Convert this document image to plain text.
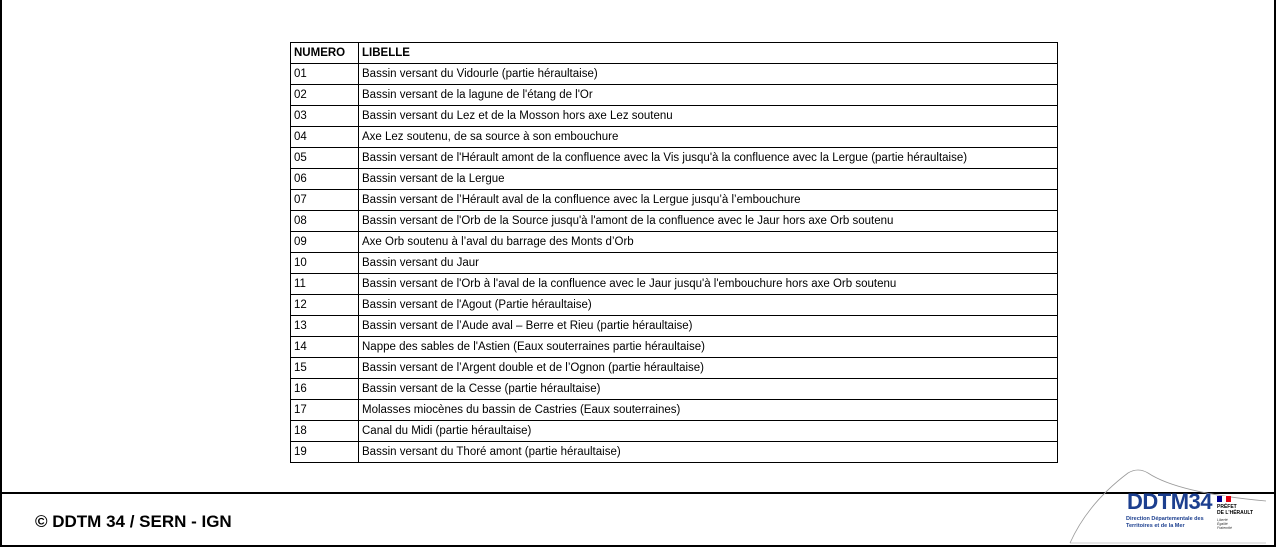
NUMERO	LIBELLE
01	Bassin versant du Vidourle (partie héraultaise)
02	Bassin versant de la lagune de l'étang de l'Or
03	Bassin versant du Lez et de la Mosson hors axe Lez soutenu
04	Axe Lez soutenu, de sa source à son embouchure
05	Bassin versant de l'Hérault amont de la confluence avec la Vis jusqu'à la confluence avec la Lergue (partie héraultaise)
06	Bassin versant de la Lergue
07	Bassin versant de l’Hérault aval de la confluence avec la Lergue jusqu’à l’embouchure
08	Bassin versant de l'Orb de la Source jusqu'à l'amont de la confluence avec le Jaur hors axe Orb soutenu
09	Axe Orb soutenu à l’aval du barrage des Monts d’Orb
10	Bassin versant du Jaur
11	Bassin versant de l'Orb à l'aval de la confluence avec le Jaur jusqu'à l'embouchure hors axe Orb soutenu
12	Bassin versant de l'Agout (Partie héraultaise)
13	Bassin versant de l’Aude aval – Berre et Rieu (partie héraultaise)
14	Nappe des sables de l'Astien (Eaux souterraines partie héraultaise)
15	Bassin versant de l’Argent double et de l’Ognon (partie héraultaise)
16	Bassin versant de la Cesse (partie héraultaise)
17	Molasses miocènes du bassin de Castries (Eaux souterraines)
18	Canal du Midi (partie héraultaise)
19	Bassin versant du Thoré amont (partie héraultaise)
© DDTM 34 / SERN - IGN
DDTM34
Direction Départementale des
Territoires et de la Mer
PRÉFET
DE L'HÉRAULT
Liberté
Égalité
Fraternité
